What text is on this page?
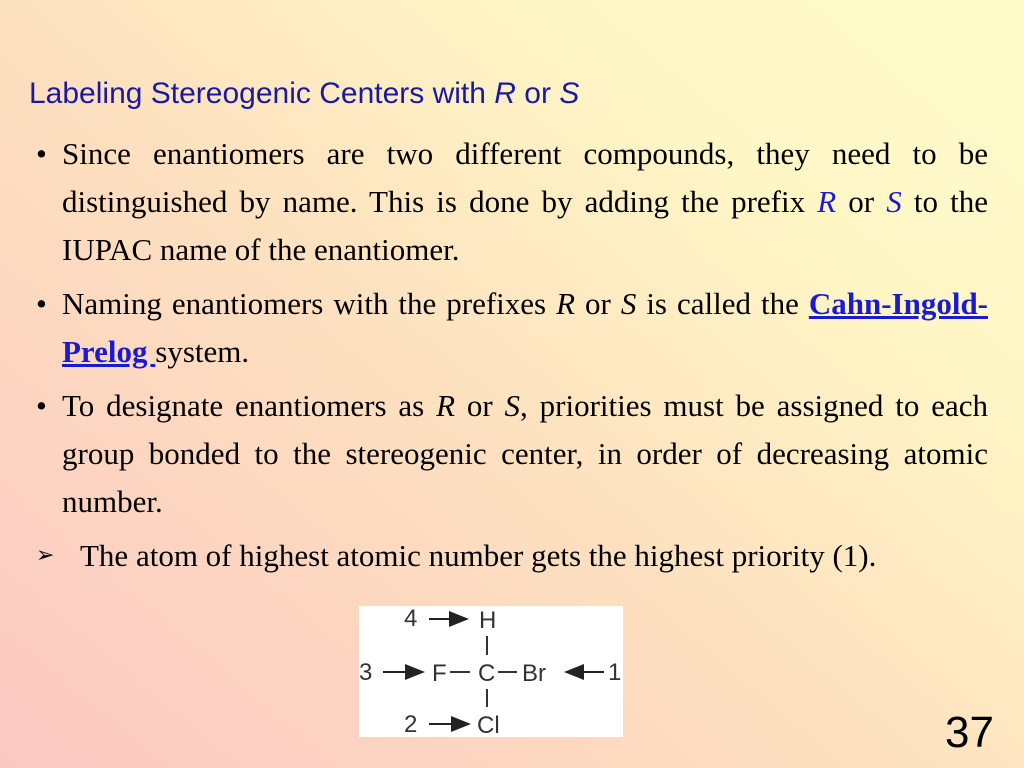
Labeling Stereogenic Centers with R or S

• Since enantiomers are two different compounds, they need to be distinguished by name. This is done by adding the prefix R or S to the IUPAC name of the enantiomer.

• Naming enantiomers with the prefixes R or S is called the Cahn-Ingold-Prelog system.

• To designate enantiomers as R or S, priorities must be assigned to each group bonded to the stereogenic center, in order of decreasing atomic number.

➢ The atom of highest atomic number gets the highest priority (1).

4	H
3 F C Br	1
2 Cl	37
